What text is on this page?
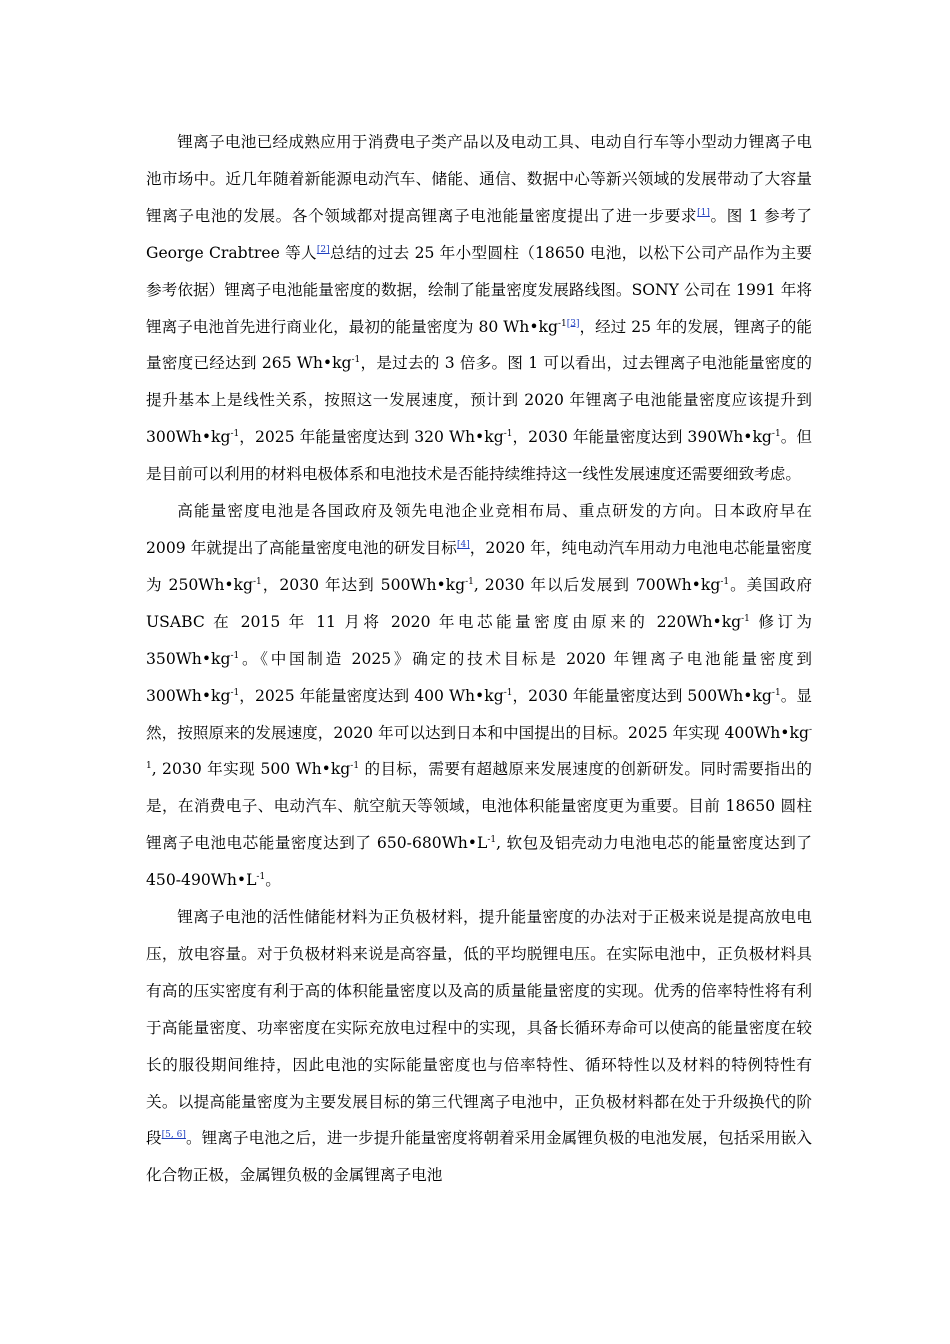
锂离子电池已经成熟应用于消费电子类产品以及电动工具、电动自行车等小型动力锂离子电池市场中。近几年随着新能源电动汽车、储能、通信、数据中心等新兴领域的发展带动了大容量锂离子电池的发展。各个领域都对提高锂离子电池能量密度提出了进一步要求[1]。图 1 参考了 George Crabtree 等人[2]总结的过去 25 年小型圆柱（18650 电池，以松下公司产品作为主要参考依据）锂离子电池能量密度的数据，绘制了能量密度发展路线图。SONY 公司在 1991 年将锂离子电池首先进行商业化，最初的能量密度为 80 Wh•kg$^{-1[3]}$，经过 25 年的发展，锂离子的能量密度已经达到 265 $Wh•kg^{-1}$，是过去的 3 倍多。图 1 可以看出，过去锂离子电池能量密度的提升基本上是线性关系，按照这一发展速度，预计到 2020 年锂离子电池能量密度应该提升到 $300Wh•kg^{-1}$，2025 年能量密度达到 320 $Wh•kg^{-1}$，2030 年能量密度达到 $390Wh•kg^{-1}$。但是目前可以利用的材料电极体系和电池技术是否能持续维持这一线性发展速度还需要细致考虑。

高能量密度电池是各国政府及领先电池企业竞相布局、重点研发的方向。日本政府早在 2009 年就提出了高能量密度电池的研发目标[4]，2020 年，纯电动汽车用动力电池电芯能量密度为 $250Wh•kg^{-1}$，2030 年达到 $500Wh•kg^{-1}$, 2030 年以后发展到 $700Wh•kg^{-1}$。美国政府 USABC 在 2015 年 11 月将 2020 年电芯能量密度由原来的 $220Wh•kg^{-1}$ 修订为 $350Wh•kg^{-1}$。《中国制造 2025》确定的技术目标是 2020 年锂离子电池能量密度到 $300Wh•kg^{-1}$，2025 年能量密度达到 400 $Wh•kg^{-1}$，2030 年能量密度达到 $500Wh•kg^{-1}$。显然，按照原来的发展速度，2020 年可以达到日本和中国提出的目标。2025 年实现 $400Wh•kg^{-1}$, 2030 年实现 500 $Wh•kg^{-1}$ 的目标，需要有超越原来发展速度的创新研发。同时需要指出的是，在消费电子、电动汽车、航空航天等领域，电池体积能量密度更为重要。目前 18650 圆柱锂离子电池电芯能量密度达到了 $650-680Wh•L^{-1}$, 软包及铝壳动力电池电芯的能量密度达到了 $450-490Wh•L^{-1}$。

锂离子电池的活性储能材料为正负极材料，提升能量密度的办法对于正极来说是提高放电电压，放电容量。对于负极材料来说是高容量，低的平均脱锂电压。在实际电池中，正负极材料具有高的压实密度有利于高的体积能量密度以及高的质量能量密度的实现。优秀的倍率特性将有利于高能量密度、功率密度在实际充放电过程中的实现，具备长循环寿命可以使高的能量密度在较长的服役期间维持，因此电池的实际能量密度也与倍率特性、循环特性以及材料的特例特性有关。以提高能量密度为主要发展目标的第三代锂离子电池中，正负极材料都在处于升级换代的阶段[5, 6]。锂离子电池之后，进一步提升能量密度将朝着采用金属锂负极的电池发展，包括采用嵌入化合物正极，金属锂负极的金属锂离子电池
